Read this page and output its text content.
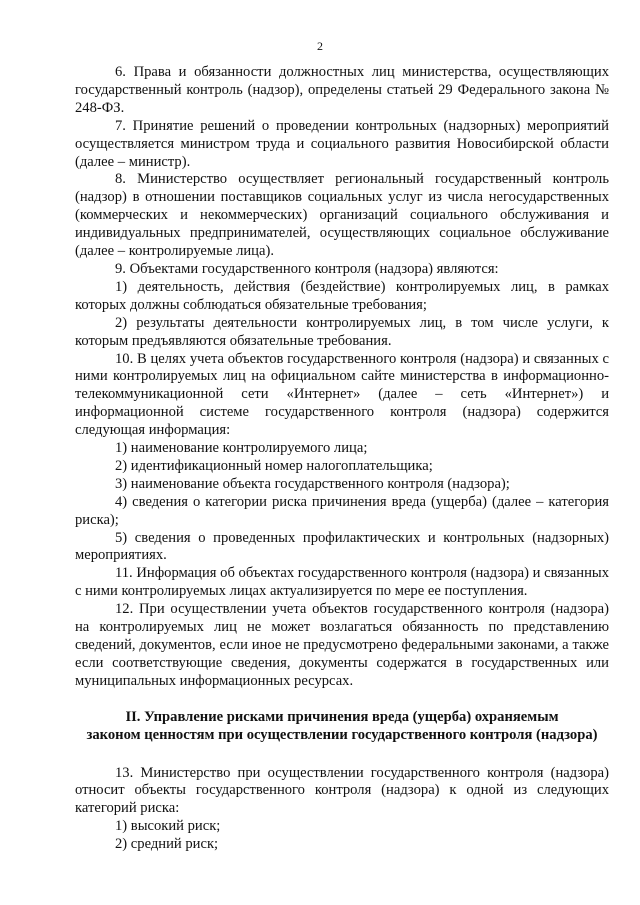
2

6. Права и обязанности должностных лиц министерства, осуществляющих государственный контроль (надзор), определены статьей 29 Федерального закона № 248-ФЗ.

7. Принятие решений о проведении контрольных (надзорных) мероприятий осуществляется министром труда и социального развития Новосибирской области (далее – министр).

8. Министерство осуществляет региональный государственный контроль (надзор) в отношении поставщиков социальных услуг из числа негосударственных (коммерческих и некоммерческих) организаций социального обслуживания и индивидуальных предпринимателей, осуществляющих социальное обслуживание (далее – контролируемые лица).

9. Объектами государственного контроля (надзора) являются:

1) деятельность, действия (бездействие) контролируемых лиц, в рамках которых должны соблюдаться обязательные требования;

2) результаты деятельности контролируемых лиц, в том числе услуги, к которым предъявляются обязательные требования.

10. В целях учета объектов государственного контроля (надзора) и связанных с ними контролируемых лиц на официальном сайте министерства в информационно-телекоммуникационной сети «Интернет» (далее – сеть «Интернет») и информационной системе государственного контроля (надзора) содержится следующая информация:

1) наименование контролируемого лица;

2) идентификационный номер налогоплательщика;

3) наименование объекта государственного контроля (надзора);

4) сведения о категории риска причинения вреда (ущерба) (далее – категория риска);

5) сведения о проведенных профилактических и контрольных (надзорных) мероприятиях.

11. Информация об объектах государственного контроля (надзора) и связанных с ними контролируемых лицах актуализируется по мере ее поступления.

12. При осуществлении учета объектов государственного контроля (надзора) на контролируемых лиц не может возлагаться обязанность по представлению сведений, документов, если иное не предусмотрено федеральными законами, а также если соответствующие сведения, документы содержатся в государственных или муниципальных информационных ресурсах.

II. Управление рисками причинения вреда (ущерба) охраняемым
законом ценностям при осуществлении государственного контроля (надзора)

13. Министерство при осуществлении государственного контроля (надзора) относит объекты государственного контроля (надзора) к одной из следующих категорий риска:

1) высокий риск;

2) средний риск;
